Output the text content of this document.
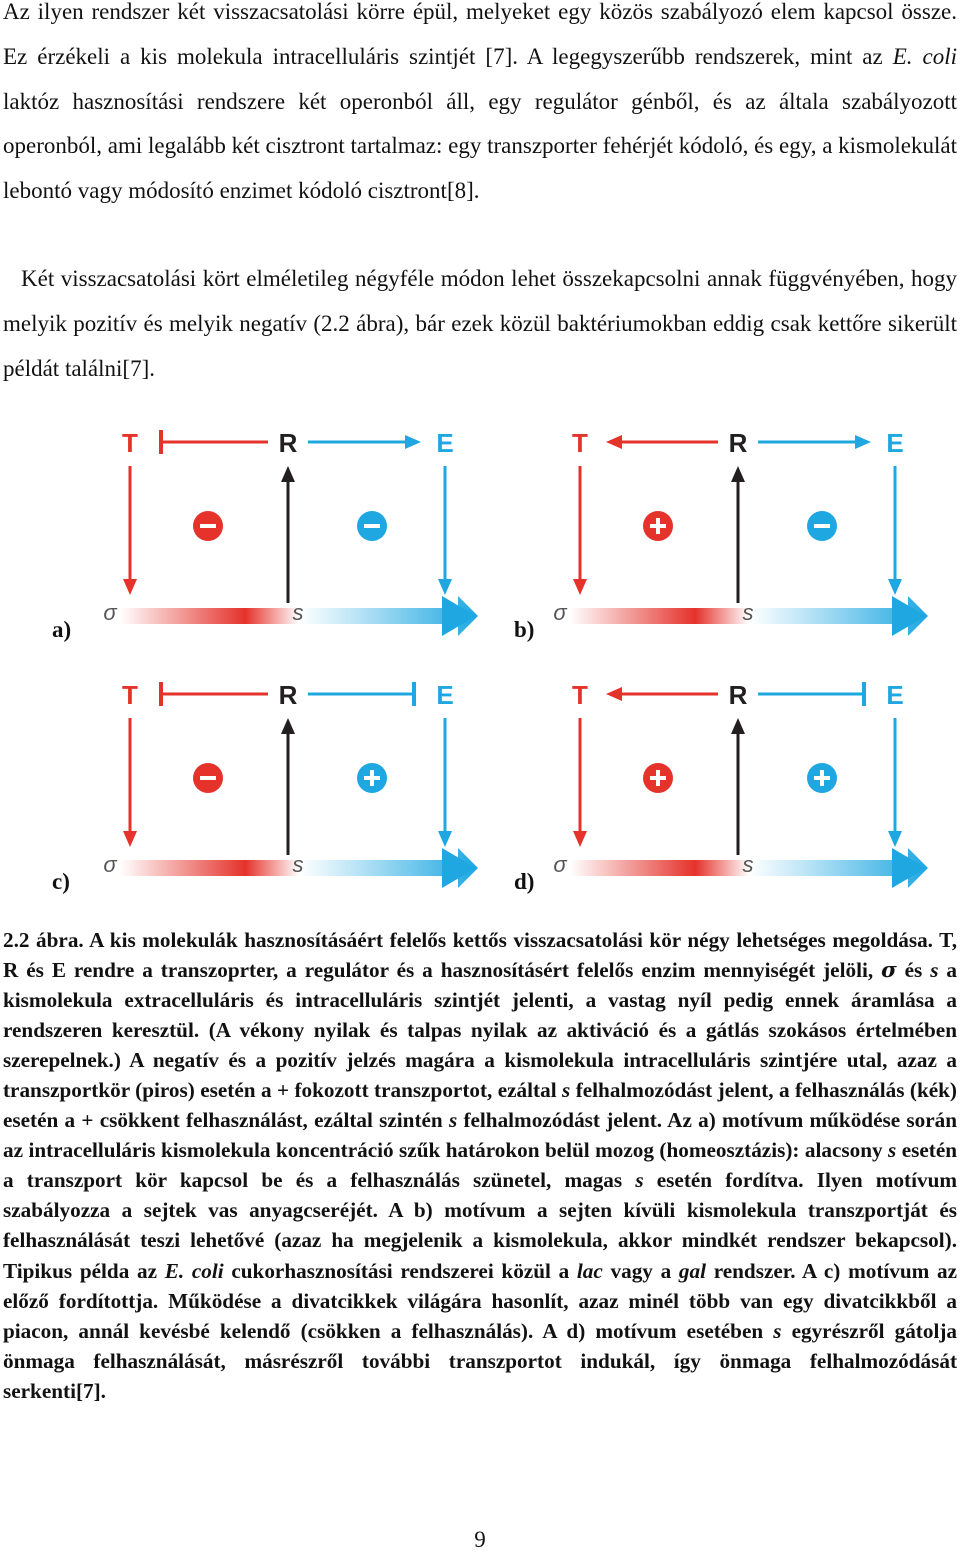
Az ilyen rendszer két visszacsatolási körre épül, melyeket egy közös szabályozó elem kapcsol össze. Ez érzékeli a kis molekula intracelluláris szintjét [7]. A legegyszerűbb rendszerek, mint az E. coli laktóz hasznosítási rendszere két operonból áll, egy regulátor génből, és az általa szabályozott operonból, ami legalább két cisztront tartalmaz: egy transzporter fehérjét kódoló, és egy, a kismolekulát lebontó vagy módosító enzimet kódoló cisztront[8].

Két visszacsatolási kört elméletileg négyféle módon lehet összekapcsolni annak függvényében, hogy melyik pozitív és melyik negatív (2.2 ábra), bár ezek közül baktériumokban eddig csak kettőre sikerült példát találni[7].

T	R	E
σ	s
T	R	E
σ	s
T	R	E
σ	s
T	R	E
σ	s
a)	b)
c)	d)

2.2 ábra. A kis molekulák hasznosításáért felelős kettős visszacsatolási kör négy lehetséges megoldása. T, R és E rendre a transzoprter, a regulátor és a hasznosításért felelős enzim mennyiségét jelöli, σ és s a kismolekula extracelluláris és intracelluláris szintjét jelenti, a vastag nyíl pedig ennek áramlása a rendszeren keresztül. (A vékony nyilak és talpas nyilak az aktiváció és a gátlás szokásos értelmében szerepelnek.) A negatív és a pozitív jelzés magára a kismolekula intracelluláris szintjére utal, azaz a transzportkör (piros) esetén a + fokozott transzportot, ezáltal s felhalmozódást jelent, a felhasználás (kék) esetén a + csökkent felhasználást, ezáltal szintén s felhalmozódást jelent. Az a) motívum működése során az intracelluláris kismolekula koncentráció szűk határokon belül mozog (homeosztázis): alacsony s esetén a transzport kör kapcsol be és a felhasználás szünetel, magas s esetén fordítva. Ilyen motívum szabályozza a sejtek vas anyagcseréjét. A b) motívum a sejten kívüli kismolekula transzportját és felhasználását teszi lehetővé (azaz ha megjelenik a kismolekula, akkor mindkét rendszer bekapcsol). Tipikus példa az E. coli cukorhasznosítási rendszerei közül a lac vagy a gal rendszer. A c) motívum az előző fordítottja. Működése a divatcikkek világára hasonlít, azaz minél több van egy divatcikkből a piacon, annál kevésbé kelendő (csökken a felhasználás). A d) motívum esetében s egyrészről gátolja önmaga felhasználását, másrészről további transzportot indukál, így önmaga felhalmozódását serkenti[7].

9
